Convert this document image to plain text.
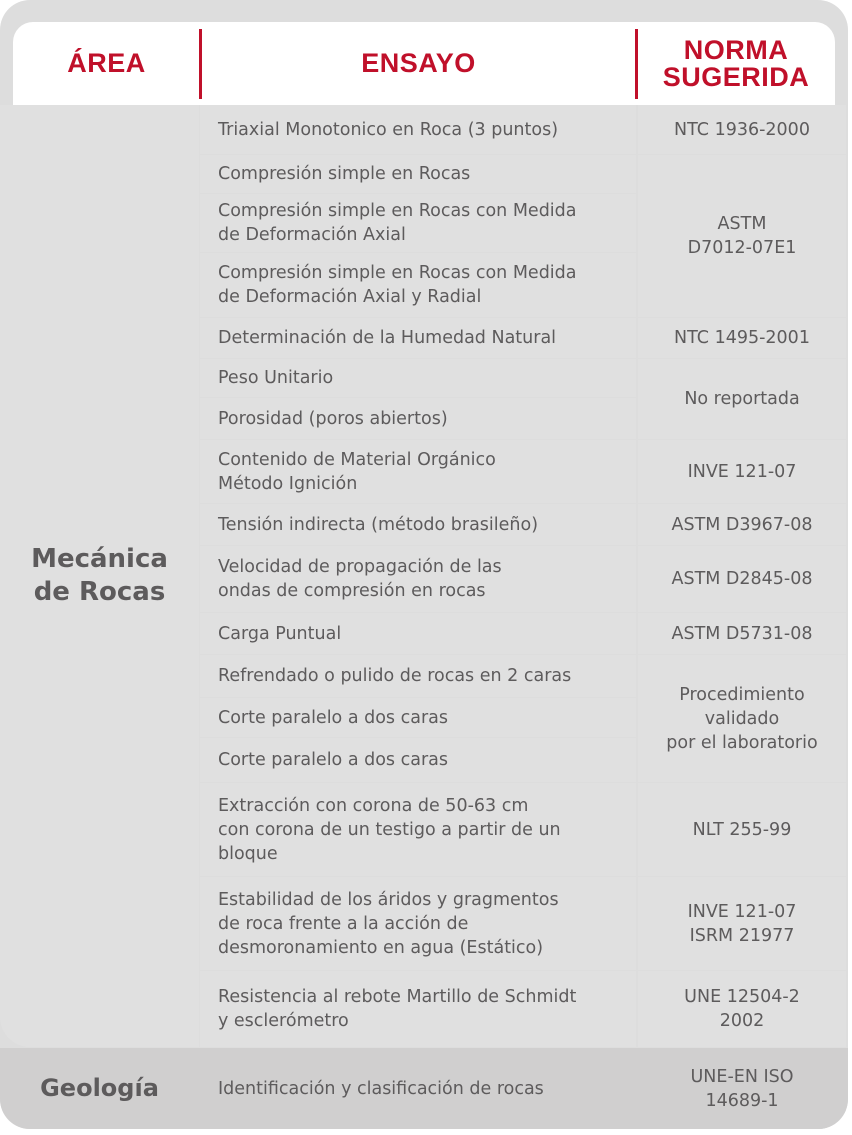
ÁREA	ENSAYO	NORMA
SUGERIDA
Mecánica
de Rocas
Geología
Triaxial Monotonico en Roca (3 puntos)
Compresión simple en Rocas
Compresión simple en Rocas con Medida
de Deformación Axial
Compresión simple en Rocas con Medida
de Deformación Axial y Radial
Determinación de la Humedad Natural
Peso Unitario
Porosidad (poros abiertos)
Contenido de Material Orgánico
Método Ignición
Tensión indirecta (método brasileño)
Velocidad de propagación de las
ondas de compresión en rocas
Carga Puntual
Refrendado o pulido de rocas en 2 caras
Corte paralelo a dos caras
Corte paralelo a dos caras
Extracción con corona de 50-63 cm
con corona de un testigo a partir de un
bloque
Estabilidad de los áridos y gragmentos
de roca frente a la acción de
desmoronamiento en agua (Estático)
Resistencia al rebote Martillo de Schmidt
y esclerómetro
Identificación y clasificación de rocas
NTC 1936-2000
ASTM
D7012-07E1
NTC 1495-2001
No reportada
INVE 121-07
ASTM D3967-08
ASTM D2845-08
ASTM D5731-08
Procedimiento
validado
por el laboratorio
NLT 255-99
INVE 121-07
ISRM 21977
UNE 12504-2
2002
UNE-EN ISO
14689-1
